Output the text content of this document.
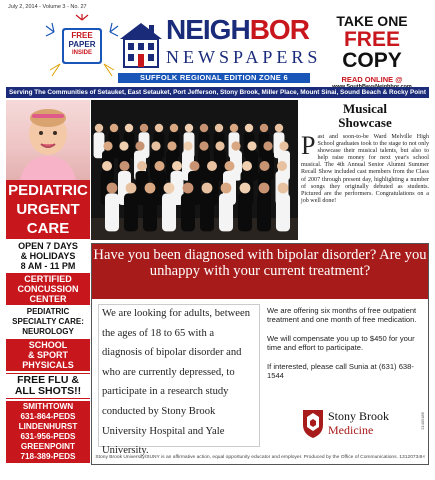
July 2, 2014 - Volume 3 - No. 27
FREE
PAPER
INSIDE
NEIGHBOR
NEWSPAPERS
SUFFOLK REGIONAL EDITION ZONE 6
TAKE ONE
FREE
COPY
READ ONLINE @
Serving The Communities of Setauket, East Setauket, Port Jefferson, Stony Brook, Miller Place, Mount Sinai, Sound Beach & Rocky Point
PEDIATRIC
URGENT
CARE
OPEN 7 DAYS
& HOLIDAYS
8 AM - 11 PM
CERTIFIED
CONCUSSION
CENTER
PEDIATRIC
SPECIALTY CARE:
NEUROLOGY
SCHOOL
& SPORT
PHYSICALS
FREE FLU &
ALL SHOTS!!
SMITHTOWN
631-864-PEDS
LINDENHURST
631-956-PEDS
GREENPOINT
718-389-PEDS
Musical
Showcase
Past and soon-to-be Ward Melville High School graduates took to the stage to not only showcase their musical talents, but also to help raise money for next year's school musical. The 4th Annual Senior Alumni Summer Recall Show included cast members from the Class of 2007 through present day, highlighting a number of songs they originally debuted as students. Pictured are the performers. Congratulations on a job well done!
Have you been diagnosed with bipolar disorder? Are you unhappy with your current treatment?
We are looking for adults, between the ages of 18 to 65 with a diagnosis of bipolar disorder and who are currently depressed, to participate in a research study conducted by Stony Brook University Hospital and Yale University.

We are offering six months of free outpatient treatment and one month of free medication.

We will compensate you up to $450 for your time and effort to participate.

If interested, please call Sunia at (631) 638-1544

Stony Brook
Medicine
21405485
Stony Brook University/SUNY is an affirmative action, equal opportunity educator and employer. Produced by the Office of Communications. 13120734H
